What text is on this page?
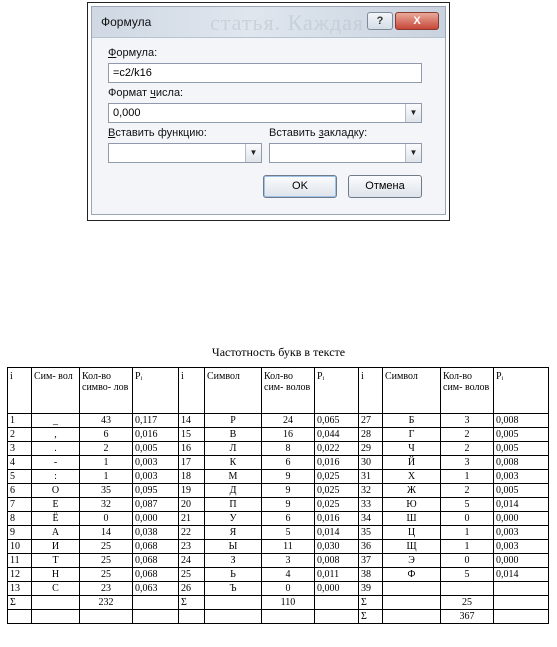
статья. Каждая
Формула	?	X
Формула:
=c2/k16
Формат числа:
0,000	▼
Вставить функцию:
▼
Вставить закладку:
▼
OK	Отмена
Частотность букв в тексте
i	Сим- вол	Кол-во симво- лов	Pᵢ	i	Символ	Кол-во сим- волов	Pᵢ	i	Символ	Кол-во сим- волов	Pᵢ
1	_	43	0,117	14	Р	24	0,065	27	Б	3	0,008
2	,	6	0,016	15	В	16	0,044	28	Г	2	0,005
3	.	2	0,005	16	Л	8	0,022	29	Ч	2	0,005
4	-	1	0,003	17	К	6	0,016	30	Й	3	0,008
5	:	1	0,003	18	М	9	0,025	31	Х	1	0,003
6	О	35	0,095	19	Д	9	0,025	32	Ж	2	0,005
7	Е	32	0,087	20	П	9	0,025	33	Ю	5	0,014
8	Ё	0	0,000	21	У	6	0,016	34	Ш	0	0,000
9	А	14	0,038	22	Я	5	0,014	35	Ц	1	0,003
10	И	25	0,068	23	Ы	11	0,030	36	Щ	1	0,003
11	Т	25	0,068	24	З	3	0,008	37	Э	0	0,000
12	Н	25	0,068	25	Ь	4	0,011	38	Ф	5	0,014
13	С	23	0,063	26	Ъ	0	0,000	39			
Σ		232		Σ		110		Σ		25	
								Σ		367	
